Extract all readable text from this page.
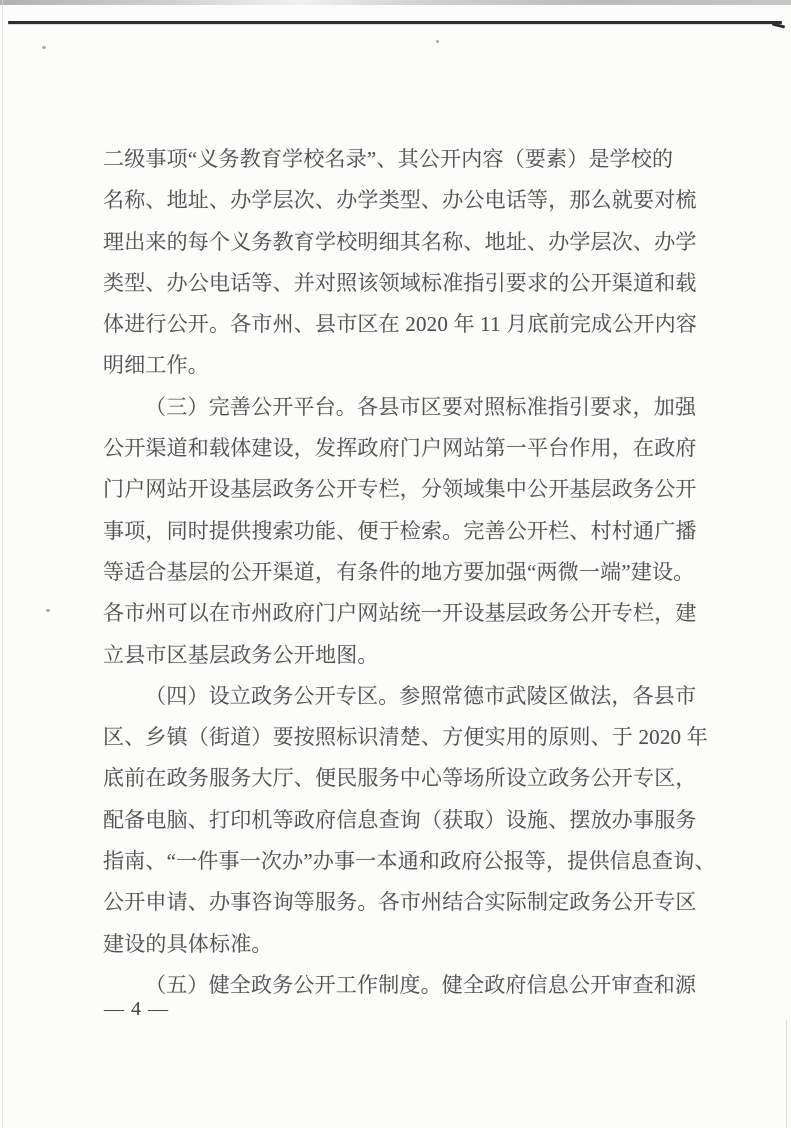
二级事项“义务教育学校名录”、其公开内容（要素）是学校的
名称、地址、办学层次、办学类型、办公电话等，那么就要对梳
理出来的每个义务教育学校明细其名称、地址、办学层次、办学
类型、办公电话等、并对照该领域标准指引要求的公开渠道和载
体进行公开。各市州、县市区在 2020 年 11 月底前完成公开内容
明细工作。
（三）完善公开平台。各县市区要对照标准指引要求，加强
公开渠道和载体建设，发挥政府门户网站第一平台作用，在政府
门户网站开设基层政务公开专栏，分领域集中公开基层政务公开
事项，同时提供搜索功能、便于检索。完善公开栏、村村通广播
等适合基层的公开渠道，有条件的地方要加强“两微一端”建设。
各市州可以在市州政府门户网站统一开设基层政务公开专栏，建
立县市区基层政务公开地图。
（四）设立政务公开专区。参照常德市武陵区做法，各县市
区、乡镇（街道）要按照标识清楚、方便实用的原则、于 2020 年
底前在政务服务大厅、便民服务中心等场所设立政务公开专区，
配备电脑、打印机等政府信息查询（获取）设施、摆放办事服务
指南、“一件事一次办”办事一本通和政府公报等，提供信息查询、
公开申请、办事咨询等服务。各市州结合实际制定政务公开专区
建设的具体标准。
（五）健全政务公开工作制度。健全政府信息公开审查和源
— 4 —
